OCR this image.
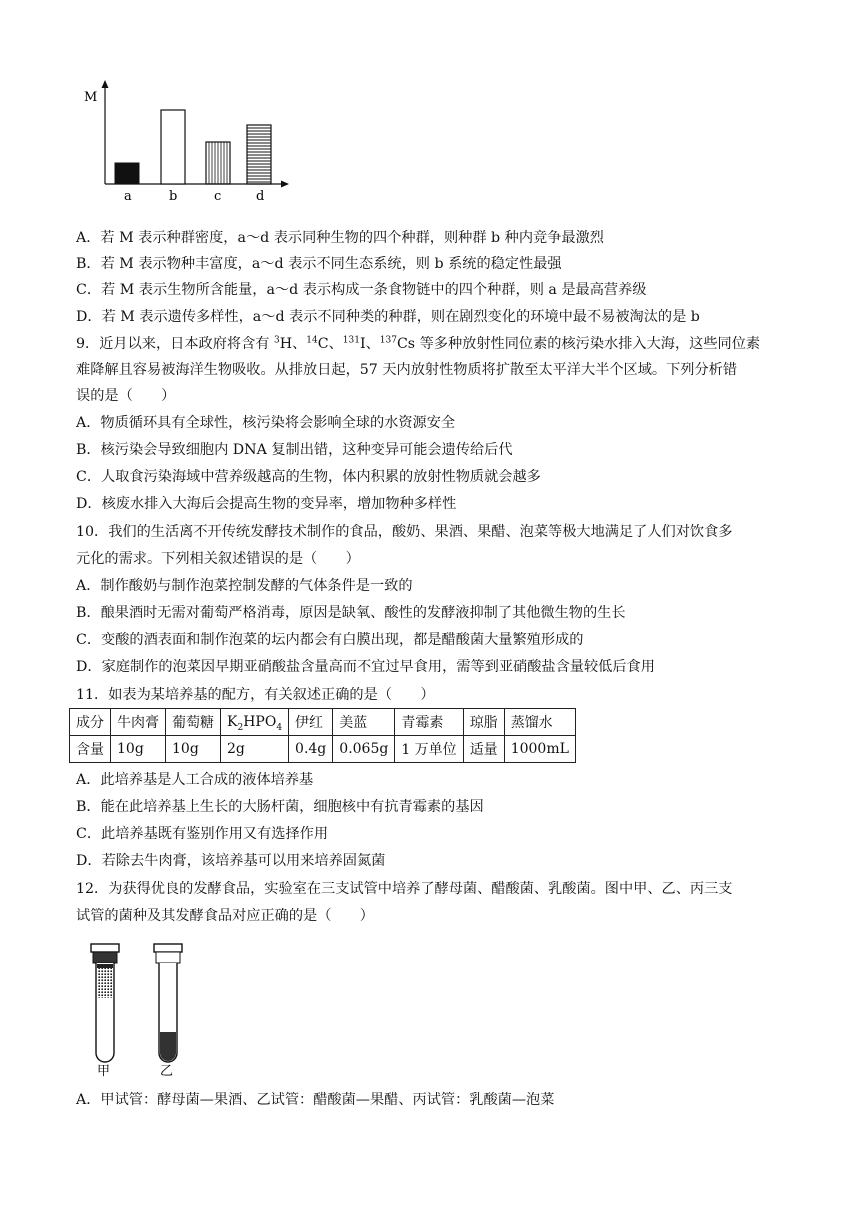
M
a	b	c	d
A．若 M 表示种群密度，a～d 表示同种生物的四个种群，则种群 b 种内竞争最激烈
B．若 M 表示物种丰富度，a～d 表示不同生态系统，则 b 系统的稳定性最强
C．若 M 表示生物所含能量，a～d 表示构成一条食物链中的四个种群，则 a 是最高营养级
D．若 M 表示遗传多样性，a～d 表示不同种类的种群，则在剧烈变化的环境中最不易被淘汰的是 b
9．近月以来，日本政府将含有 $^3$H、$^{14}$C、$^{131}$I、$^{137}$Cs 等多种放射性同位素的核污染水排入大海，这些同位素
难降解且容易被海洋生物吸收。从排放日起，57 天内放射性物质将扩散至太平洋大半个区域。下列分析错
误的是（　　）
A．物质循环具有全球性，核污染将会影响全球的水资源安全
B．核污染会导致细胞内 DNA 复制出错，这种变异可能会遗传给后代
C．人取食污染海域中营养级越高的生物，体内积累的放射性物质就会越多
D．核废水排入大海后会提高生物的变异率，增加物种多样性
10．我们的生活离不开传统发酵技术制作的食品，酸奶、果酒、果醋、泡菜等极大地满足了人们对饮食多
元化的需求。下列相关叙述错误的是（　　）
A．制作酸奶与制作泡菜控制发酵的气体条件是一致的
B．酿果酒时无需对葡萄严格消毒，原因是缺氧、酸性的发酵液抑制了其他微生物的生长
C．变酸的酒表面和制作泡菜的坛内都会有白膜出现，都是醋酸菌大量繁殖形成的
D．家庭制作的泡菜因早期亚硝酸盐含量高而不宜过早食用，需等到亚硝酸盐含量较低后食用
11．如表为某培养基的配方，有关叙述正确的是（　　）
成分	牛肉膏	葡萄糖	$K_2HPO_4$	伊红	美蓝	青霉素	琼脂	蒸馏水
含量	10g	10g	2g	0.4g	0.065g	1 万单位	适量	1000mL
A．此培养基是人工合成的液体培养基
B．能在此培养基上生长的大肠杆菌，细胞核中有抗青霉素的基因
C．此培养基既有鉴别作用又有选择作用
D．若除去牛肉膏，该培养基可以用来培养固氮菌
12．为获得优良的发酵食品，实验室在三支试管中培养了酵母菌、醋酸菌、乳酸菌。图中甲、乙、丙三支
试管的菌种及其发酵食品对应正确的是（　　）
甲	乙
A．甲试管：酵母菌—果酒、乙试管：醋酸菌—果醋、丙试管：乳酸菌—泡菜
